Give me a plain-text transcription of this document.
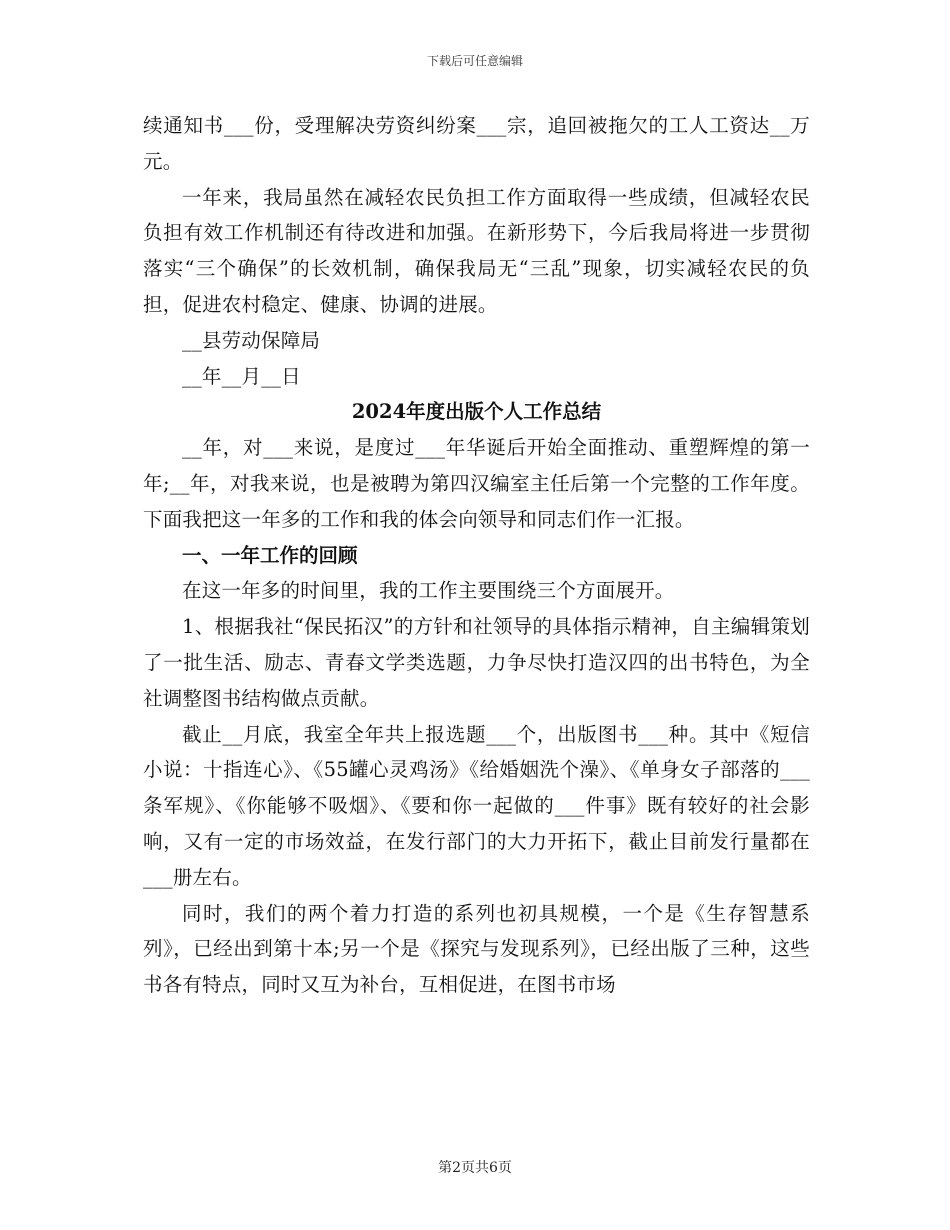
下载后可任意编辑

续通知书___份，受理解决劳资纠纷案___宗，追回被拖欠的工人工资达__万元。

一年来，我局虽然在减轻农民负担工作方面取得一些成绩，但减轻农民负担有效工作机制还有待改进和加强。在新形势下，今后我局将进一步贯彻落实“三个确保”的长效机制，确保我局无“三乱”现象，切实减轻农民的负担，促进农村稳定、健康、协调的进展。

__县劳动保障局

__年__月__日

2024年度出版个人工作总结

__年，对___来说，是度过___年华诞后开始全面推动、重塑辉煌的第一年;__年，对我来说，也是被聘为第四汉编室主任后第一个完整的工作年度。下面我把这一年多的工作和我的体会向领导和同志们作一汇报。

一、一年工作的回顾

在这一年多的时间里，我的工作主要围绕三个方面展开。

1、根据我社“保民拓汉”的方针和社领导的具体指示精神，自主编辑策划了一批生活、励志、青春文学类选题，力争尽快打造汉四的出书特色，为全社调整图书结构做点贡献。

截止__月底，我室全年共上报选题___个，出版图书___种。其中《短信小说：十指连心》、《55罐心灵鸡汤》《给婚姻洗个澡》、《单身女子部落的___条军规》、《你能够不吸烟》、《要和你一起做的___件事》既有较好的社会影响，又有一定的市场效益，在发行部门的大力开拓下，截止目前发行量都在___册左右。

同时，我们的两个着力打造的系列也初具规模，一个是《生存智慧系列》，已经出到第十本;另一个是《探究与发现系列》，已经出版了三种，这些书各有特点，同时又互为补台，互相促进，在图书市场

第2页共6页
